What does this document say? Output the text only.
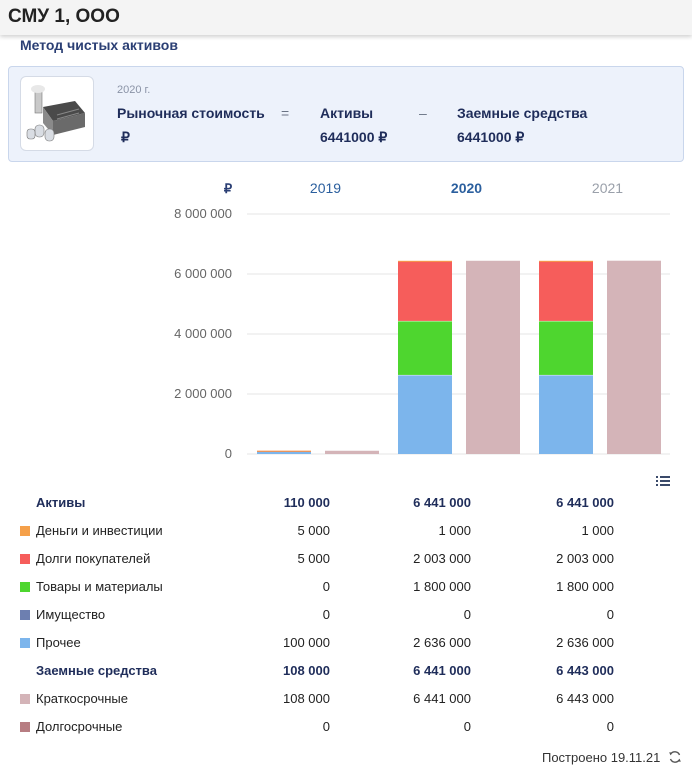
СМУ 1, ООО
Метод чистых активов
2020 г.
Рыночная стоимость
₽
= Активы
6441000 ₽
– Заемные средства
6441000 ₽
8 000 000
6 000 000
4 000 000
2 000 000
0
₽	2019	2020	2021
Активы	110 000	6 441 000	6 441 000
Деньги и инвестиции	5 000	1 000	1 000
Долги покупателей	5 000	2 003 000	2 003 000
Товары и материалы	0	1 800 000	1 800 000
Имущество	0	0	0
Прочее	100 000	2 636 000	2 636 000
Заемные средства	108 000	6 441 000	6 443 000
Краткосрочные	108 000	6 441 000	6 443 000
Долгосрочные	0	0	0
Построено 19.11.21
